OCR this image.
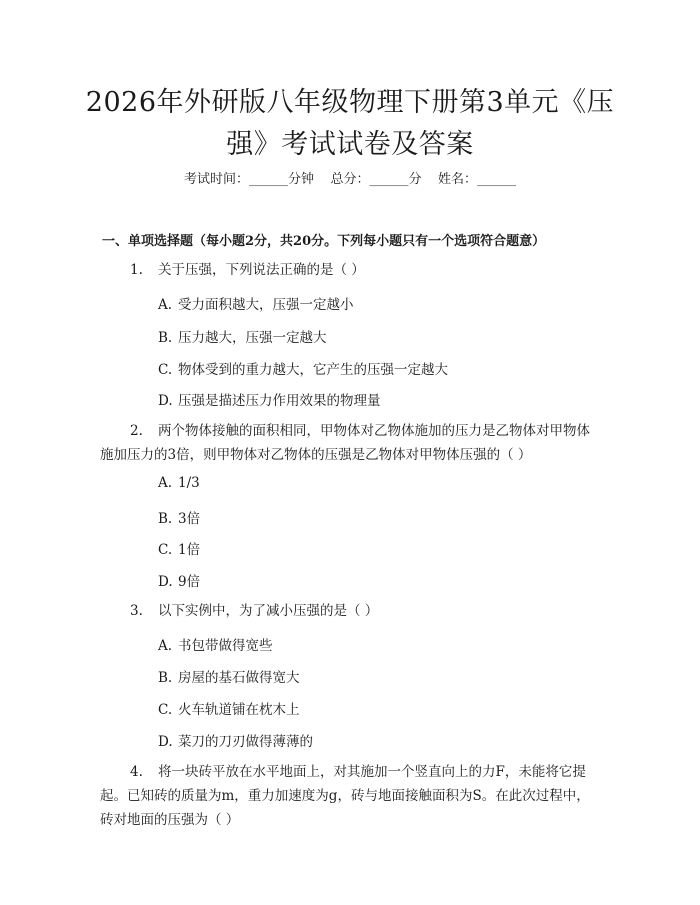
2026年外研版八年级物理下册第3单元《压
强》考试试卷及答案
考试时间：______分钟    总分：______分    姓名：______
一、单项选择题（每小题2分，共20分。下列每小题只有一个选项符合题意）
1. 关于压强，下列说法正确的是（ ）
A. 受力面积越大，压强一定越小
B. 压力越大，压强一定越大
C. 物体受到的重力越大，它产生的压强一定越大
D. 压强是描述压力作用效果的物理量
2. 两个物体接触的面积相同，甲物体对乙物体施加的压力是乙物体对甲物体施加压力的3倍，则甲物体对乙物体的压强是乙物体对甲物体压强的（ ）
A. 1/3
B. 3倍
C. 1倍
D. 9倍
3. 以下实例中，为了减小压强的是（ ）
A. 书包带做得宽些
B. 房屋的基石做得宽大
C. 火车轨道铺在枕木上
D. 菜刀的刀刃做得薄薄的
4. 将一块砖平放在水平地面上，对其施加一个竖直向上的力F，未能将它提起。已知砖的质量为m，重力加速度为g，砖与地面接触面积为S。在此次过程中，砖对地面的压强为（ ）
